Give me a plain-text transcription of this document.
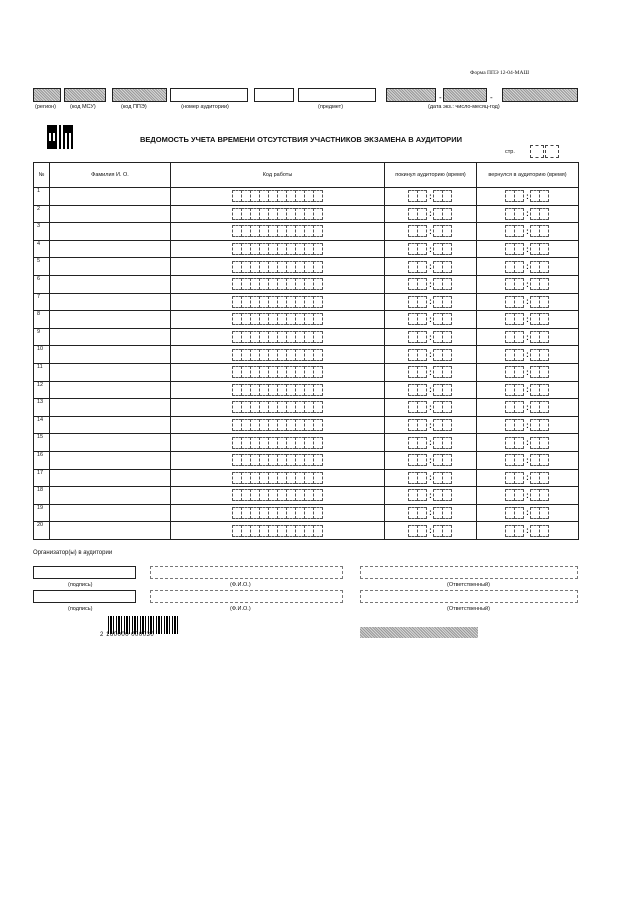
Форма ППЭ 12-04-МАШ
-	-
(регион)	(код МСУ)	(код ППЭ)	(номер аудитории)	(предмет)	(дата экз.: число-месяц-год)
ВЕДОМОСТЬ УЧЕТА ВРЕМЕНИ ОТСУТСТВИЯ УЧАСТНИКОВ ЭКЗАМЕНА В АУДИТОРИИ
стр.
№	Фамилия И. О.	Код работы	покинул аудиторию (время)	вернулся в аудиторию (время)
1			:	:

2			:	:

3			:	:

4			:	:

5			:	:

6			:	:

7			:	:

8			:	:

9			:	:

10			:	:

11			:	:

12			:	:

13			:	:

14			:	:

15			:	:

16			:	:

17			:	:

18			:	:

19			:	:

20			:	:
Организатор(ы) в аудитории
(подпись)	(Ф.И.О.)	(Ответственный)
(подпись)	(Ф.И.О.)	(Ответственный)
2 160000 000030
